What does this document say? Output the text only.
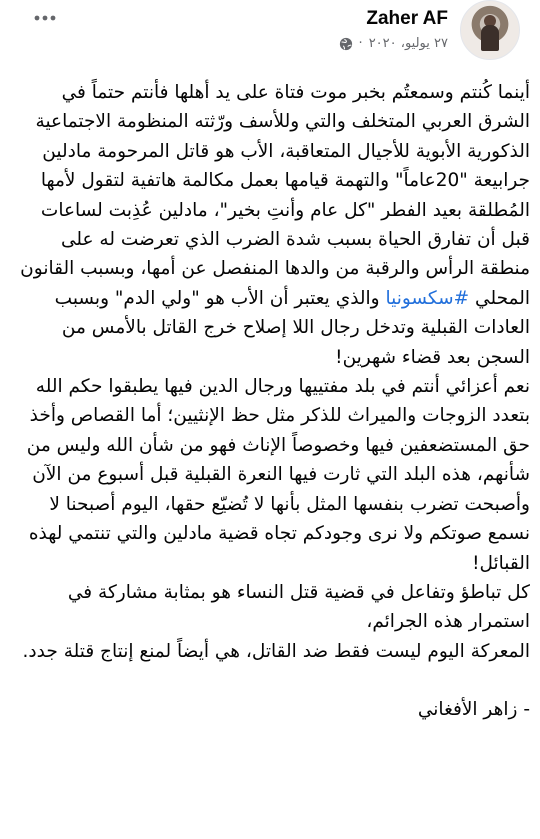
Zaher AF
· ٢٧ يوليو، ٢٠٢٠

أينما كُنتم وسمعتُم بخبر موت فتاة على يد أهلها فأنتم حتماً في الشرق العربي المتخلف والتي وللأسف ورّثته المنظومة الاجتماعية الذكورية الأبوية للأجيال المتعاقبة، الأب هو قاتل المرحومة مادلين جرابيعة "20عاماً" والتهمة قيامها بعمل مكالمة هاتفية لتقول لأمها المُطلقة بعيد الفطر "كل عام وأنتِ بخير"، مادلين عُذِبت لساعات قبل أن تفارق الحياة بسبب شدة الضرب الذي تعرضت له على منطقة الرأس والرقبة من والدها المنفصل عن أمها، وبسبب القانون المحلي #سكسونيا والذي يعتبر أن الأب هو "ولي الدم" وبسبب العادات القبلية وتدخل رجال اللا إصلاح خرج القاتل بالأمس من السجن بعد قضاء شهرين!

نعم أعزائي أنتم في بلد مفتييها ورجال الدين فيها يطبقوا حكم الله بتعدد الزوجات والميراث للذكر مثل حظ الإنثيين؛ أما القصاص وأخذ حق المستضعفين فيها وخصوصاً الإناث فهو من شأن الله وليس من شأنهم، هذه البلد التي ثارت فيها النعرة القبلية قبل أسبوع من الآن وأصبحت تضرب بنفسها المثل بأنها لا تُضيّع حقها، اليوم أصبحنا لا نسمع صوتكم ولا نرى وجودكم تجاه قضية مادلين والتي تنتمي لهذه القبائل!

كل تباطؤ وتفاعل في قضية قتل النساء هو بمثابة مشاركة في استمرار هذه الجرائم،

المعركة اليوم ليست فقط ضد القاتل، هي أيضاً لمنع إنتاج قتلة جدد.

- زاهر الأفغاني
